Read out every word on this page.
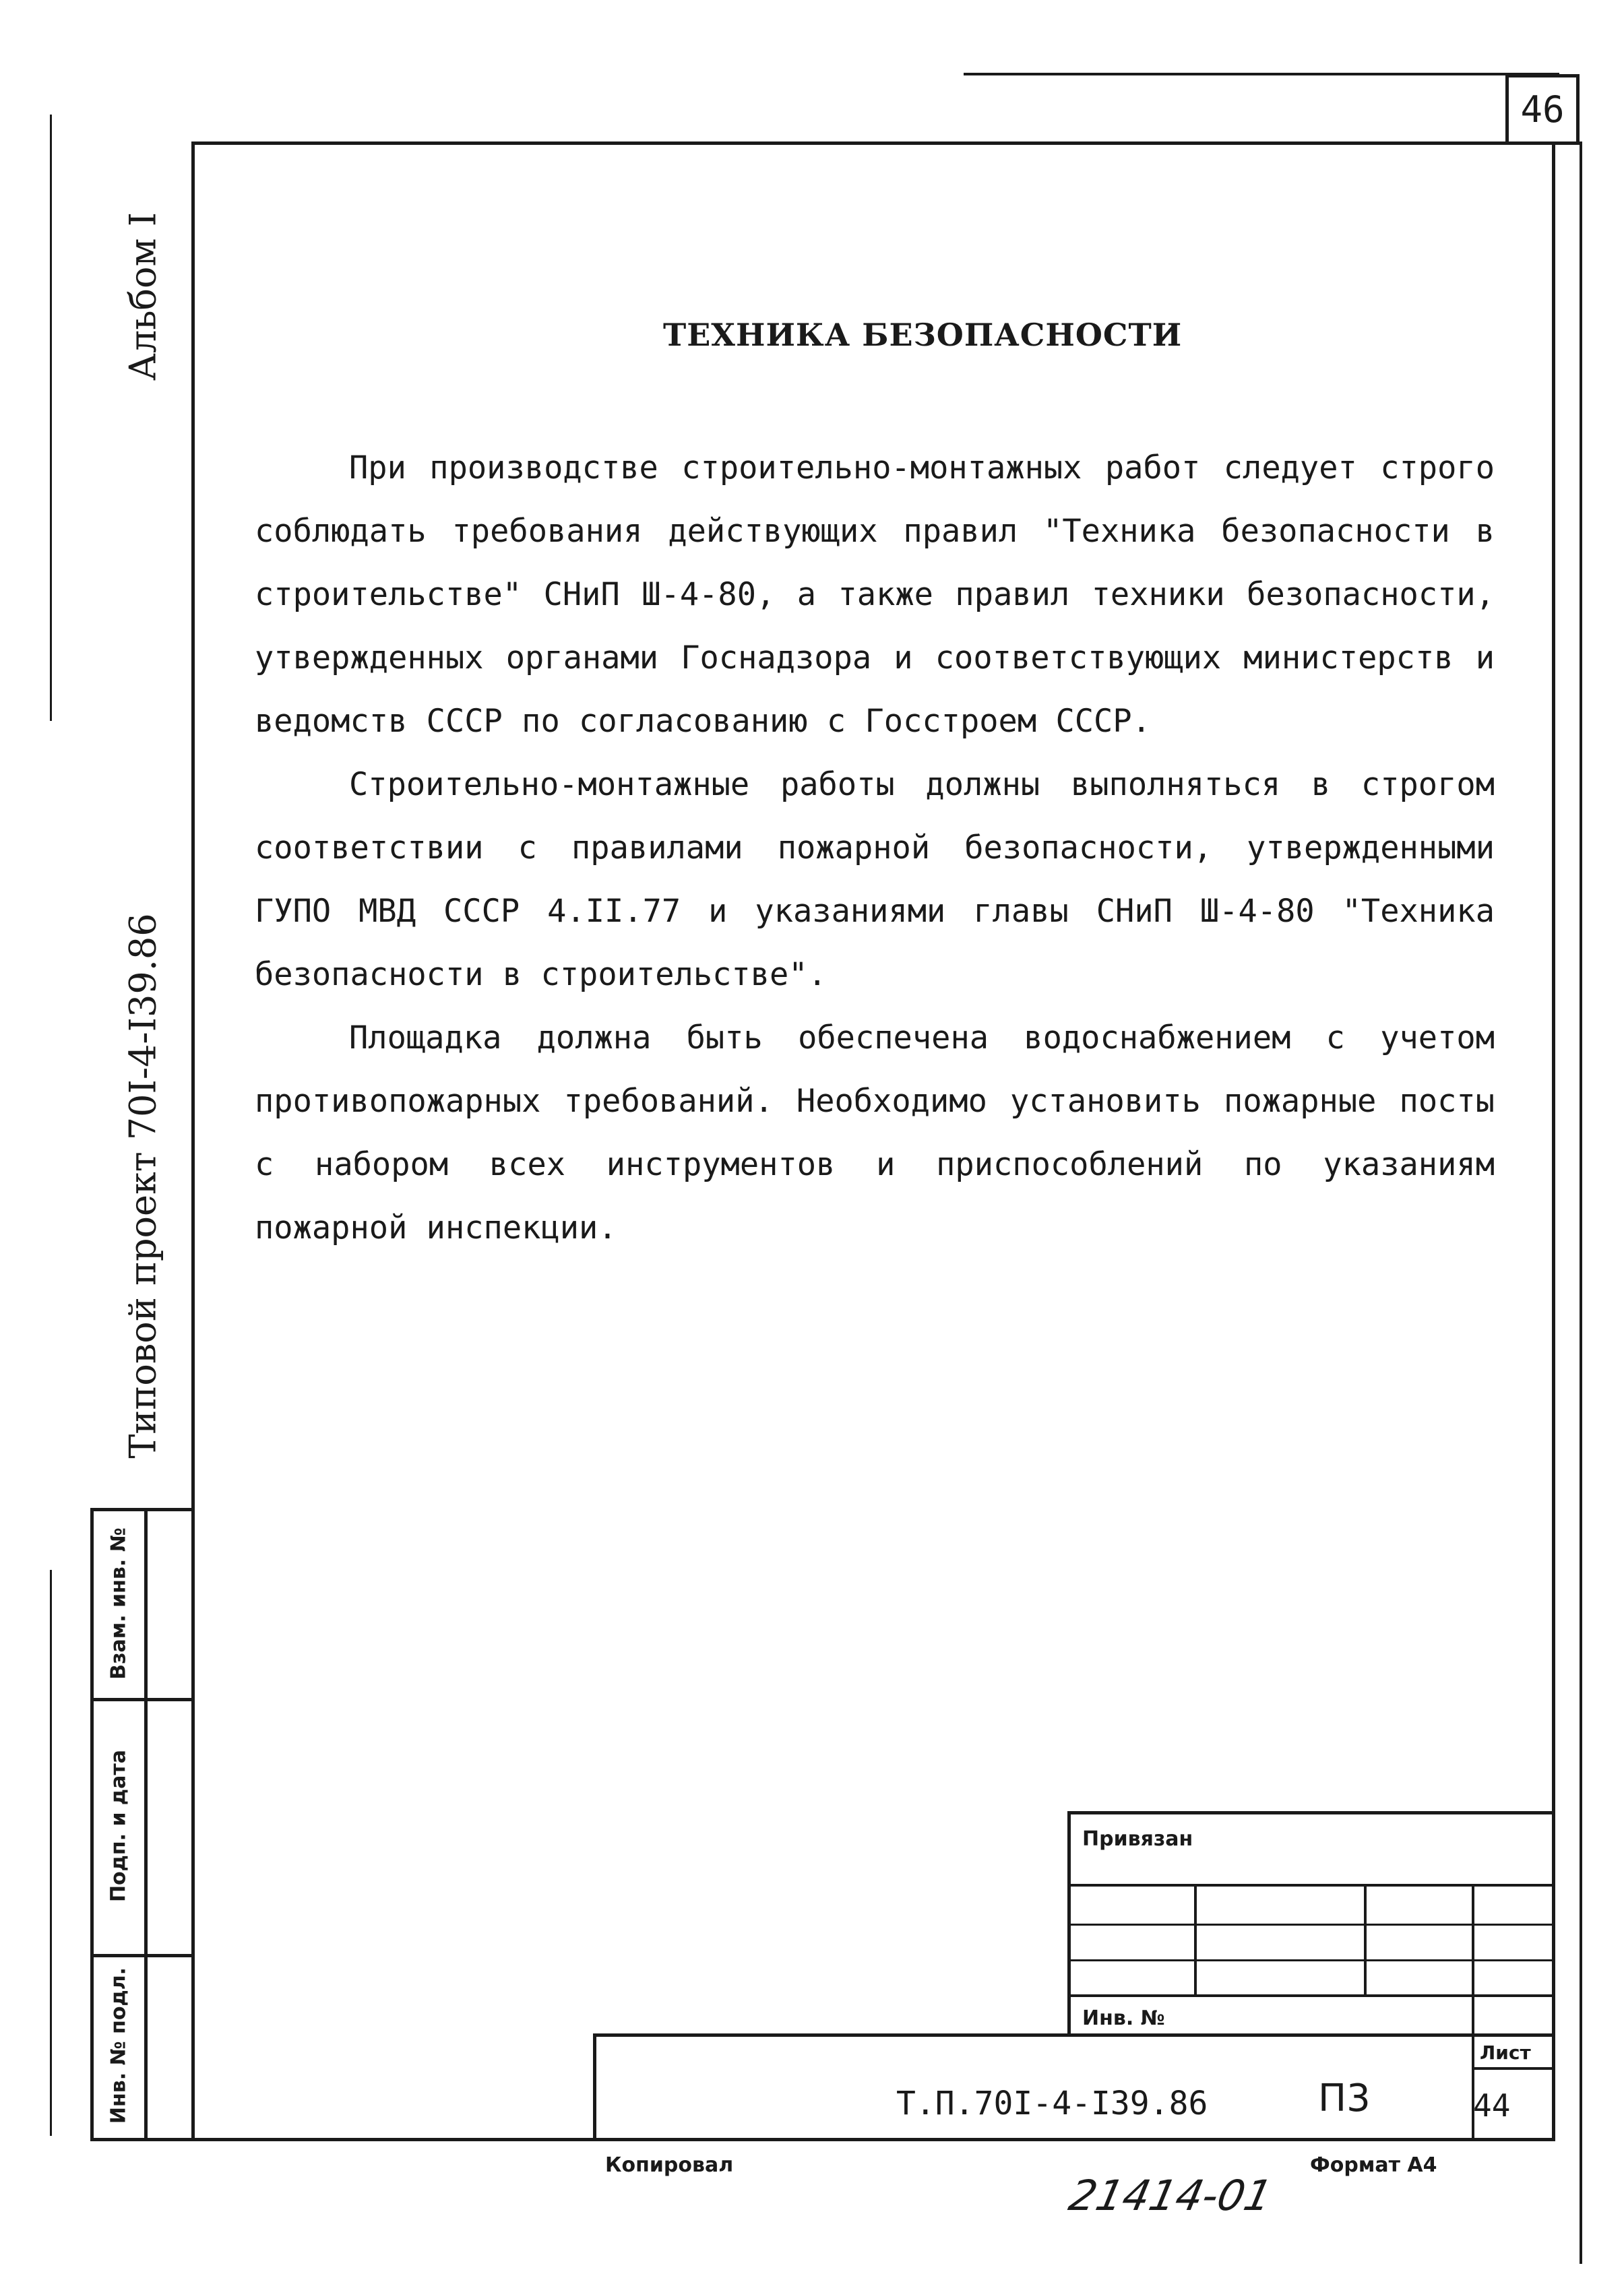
46
Альбом I
Типовой проект 70I-4-I39.86
Взам. инв. №
Подп. и дата
Инв. № подл.
ТЕХНИКА БЕЗОПАСНОСТИ

При производстве строительно-монтажных работ следует строго соблюдать требования действующих правил "Техника безопасности в строительстве" СНиП Ш-4-80, а также правил техники безопасности, утвержденных органами Госнадзора и соответствующих министерств и ведомств СССР по согласованию с Госстроем СССР.

Строительно-монтажные работы должны выполняться в строгом соответствии с правилами пожарной безопасности, утвержденными ГУПО МВД СССР 4.II.77 и указаниями главы СНиП Ш-4-80 "Техника безопасности в строительстве".

Площадка должна быть обеспечена водоснабжением с учетом противопожарных требований. Необходимо установить пожарные посты с набором всех инструментов и приспособлений по указаниям пожарной инспекции.

Привязан
Инв. №
Лист
44
Т.П.70I-4-I39.86	П3
Копировал	Формат А4
21414-01
